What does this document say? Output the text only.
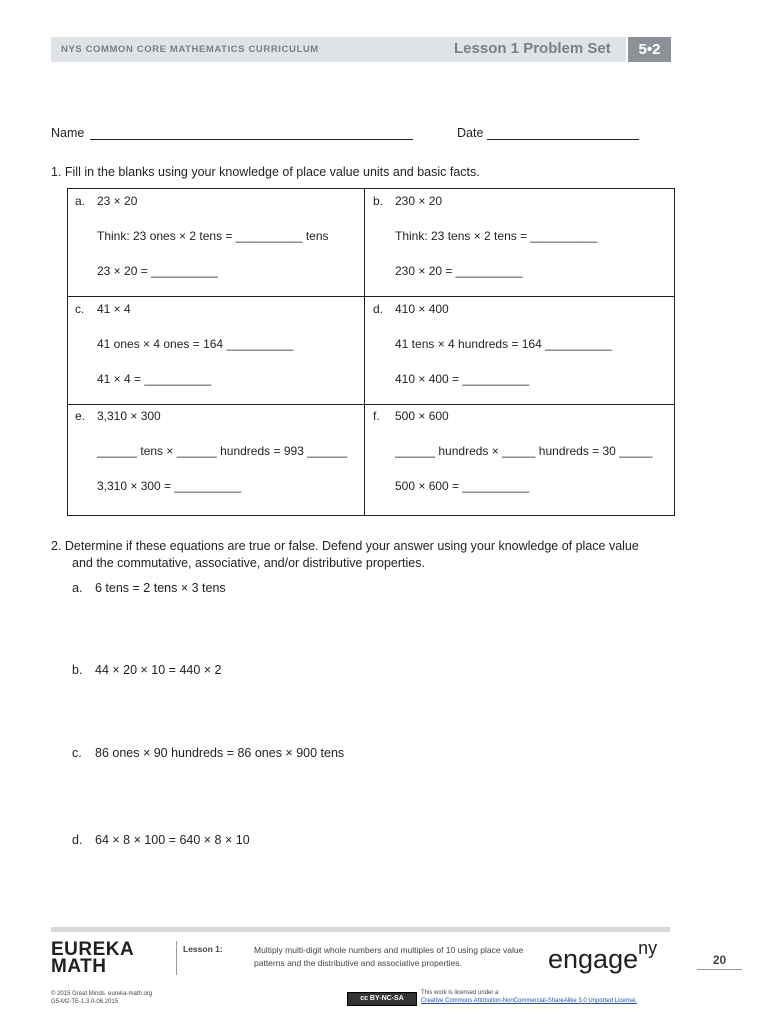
NYS COMMON CORE MATHEMATICS CURRICULUM	Lesson 1 Problem Set	5•2
Name	Date
1. Fill in the blanks using your knowledge of place value units and basic facts.
a. 23 × 20
Think: 23 ones × 2 tens = __________ tens
23 × 20 = __________
b. 230 × 20
Think: 23 tens × 2 tens = __________
230 × 20 = __________
c. 41 × 4
41 ones × 4 ones = 164 __________
41 × 4 = __________
d. 410 × 400
41 tens × 4 hundreds = 164 __________
410 × 400 = __________
e. 3,310 × 300
______ tens × ______ hundreds = 993 ______
3,310 × 300 = __________
f. 500 × 600
______ hundreds × _____ hundreds = 30 _____
500 × 600 = __________
2. Determine if these equations are true or false. Defend your answer using your knowledge of place value
and the commutative, associative, and/or distributive properties.
a. 6 tens = 2 tens × 3 tens
b. 44 × 20 × 10 = 440 × 2
c. 86 ones × 90 hundreds = 86 ones × 900 tens
d. 64 × 8 × 100 = 640 × 8 × 10
EUREKA
MATH
Lesson 1:	Multiply multi-digit whole numbers and multiples of 10 using place value patterns and the distributive and associative properties.	engage$^{ny}$
20
© 2015 Great Minds. eureka-math.org
G5-M2-TE-1.3.0-06.2015	cc BY-NC-SA
This work is licensed under a
Creative Commons Attribution-NonCommercial-ShareAlike 3.0 Unported License.
